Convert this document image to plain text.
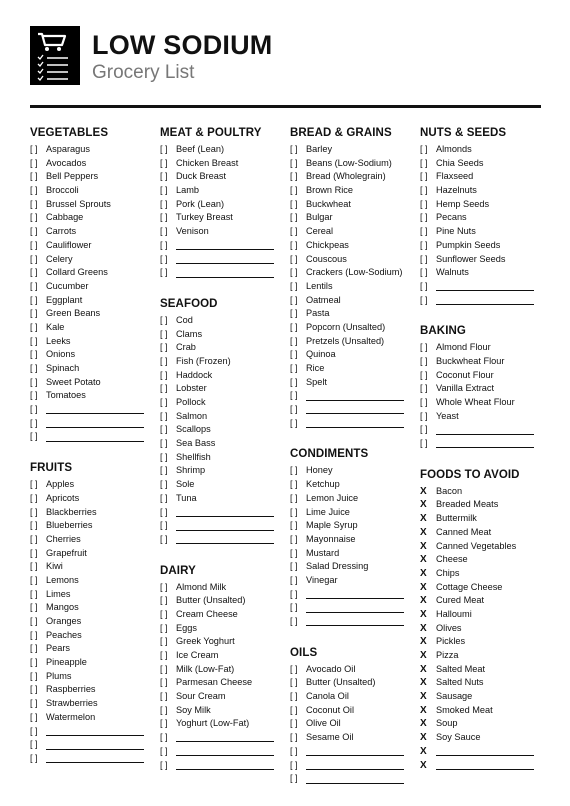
LOW SODIUM
Grocery List
VEGETABLES
[ ] Asparagus
[ ] Avocados
[ ] Bell Peppers
[ ] Broccoli
[ ] Brussel Sprouts
[ ] Cabbage
[ ] Carrots
[ ] Cauliflower
[ ] Celery
[ ] Collard Greens
[ ] Cucumber
[ ] Eggplant
[ ] Green Beans
[ ] Kale
[ ] Leeks
[ ] Onions
[ ] Spinach
[ ] Sweet Potato
[ ] Tomatoes
[ ]
[ ]
[ ]
FRUITS
[ ] Apples
[ ] Apricots
[ ] Blackberries
[ ] Blueberries
[ ] Cherries
[ ] Grapefruit
[ ] Kiwi
[ ] Lemons
[ ] Limes
[ ] Mangos
[ ] Oranges
[ ] Peaches
[ ] Pears
[ ] Pineapple
[ ] Plums
[ ] Raspberries
[ ] Strawberries
[ ] Watermelon
[ ]
[ ]
[ ]
MEAT & POULTRY
[ ] Beef (Lean)
[ ] Chicken Breast
[ ] Duck Breast
[ ] Lamb
[ ] Pork (Lean)
[ ] Turkey Breast
[ ] Venison
[ ]
[ ]
[ ]
SEAFOOD
[ ] Cod
[ ] Clams
[ ] Crab
[ ] Fish (Frozen)
[ ] Haddock
[ ] Lobster
[ ] Pollock
[ ] Salmon
[ ] Scallops
[ ] Sea Bass
[ ] Shellfish
[ ] Shrimp
[ ] Sole
[ ] Tuna
[ ]
[ ]
[ ]
DAIRY
[ ] Almond Milk
[ ] Butter (Unsalted)
[ ] Cream Cheese
[ ] Eggs
[ ] Greek Yoghurt
[ ] Ice Cream
[ ] Milk (Low-Fat)
[ ] Parmesan Cheese
[ ] Sour Cream
[ ] Soy Milk
[ ] Yoghurt (Low-Fat)
[ ]
[ ]
[ ]
BREAD & GRAINS
[ ] Barley
[ ] Beans (Low-Sodium)
[ ] Bread (Wholegrain)
[ ] Brown Rice
[ ] Buckwheat
[ ] Bulgar
[ ] Cereal
[ ] Chickpeas
[ ] Couscous
[ ] Crackers (Low-Sodium)
[ ] Lentils
[ ] Oatmeal
[ ] Pasta
[ ] Popcorn (Unsalted)
[ ] Pretzels (Unsalted)
[ ] Quinoa
[ ] Rice
[ ] Spelt
[ ]
[ ]
[ ]
CONDIMENTS
[ ] Honey
[ ] Ketchup
[ ] Lemon Juice
[ ] Lime Juice
[ ] Maple Syrup
[ ] Mayonnaise
[ ] Mustard
[ ] Salad Dressing
[ ] Vinegar
[ ]
[ ]
[ ]
OILS
[ ] Avocado Oil
[ ] Butter (Unsalted)
[ ] Canola Oil
[ ] Coconut Oil
[ ] Olive Oil
[ ] Sesame Oil
[ ]
[ ]
[ ]
NUTS & SEEDS
[ ] Almonds
[ ] Chia Seeds
[ ] Flaxseed
[ ] Hazelnuts
[ ] Hemp Seeds
[ ] Pecans
[ ] Pine Nuts
[ ] Pumpkin Seeds
[ ] Sunflower Seeds
[ ] Walnuts
[ ]
[ ]
BAKING
[ ] Almond Flour
[ ] Buckwheat Flour
[ ] Coconut Flour
[ ] Vanilla Extract
[ ] Whole Wheat Flour
[ ] Yeast
[ ]
[ ]
FOODS TO AVOID
X	Bacon
X	Breaded Meats
X	Buttermilk
X	Canned Meat
X	Canned Vegetables
X	Cheese
X	Chips
X	Cottage Cheese
X	Cured Meat
X	Halloumi
X	Olives
X	Pickles
X	Pizza
X	Salted Meat
X	Salted Nuts
X	Sausage
X	Smoked Meat
X	Soup
X	Soy Sauce
X
X
